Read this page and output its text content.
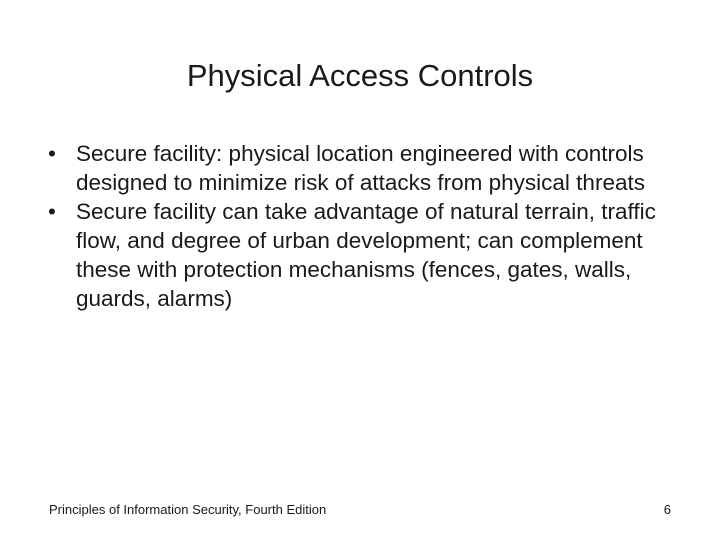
Physical Access Controls
• Secure facility: physical location engineered with controls designed to minimize risk of attacks from physical threats
• Secure facility can take advantage of natural terrain, traffic flow, and degree of urban development; can complement these with protection mechanisms (fences, gates, walls, guards, alarms)
Principles of Information Security, Fourth Edition	6
